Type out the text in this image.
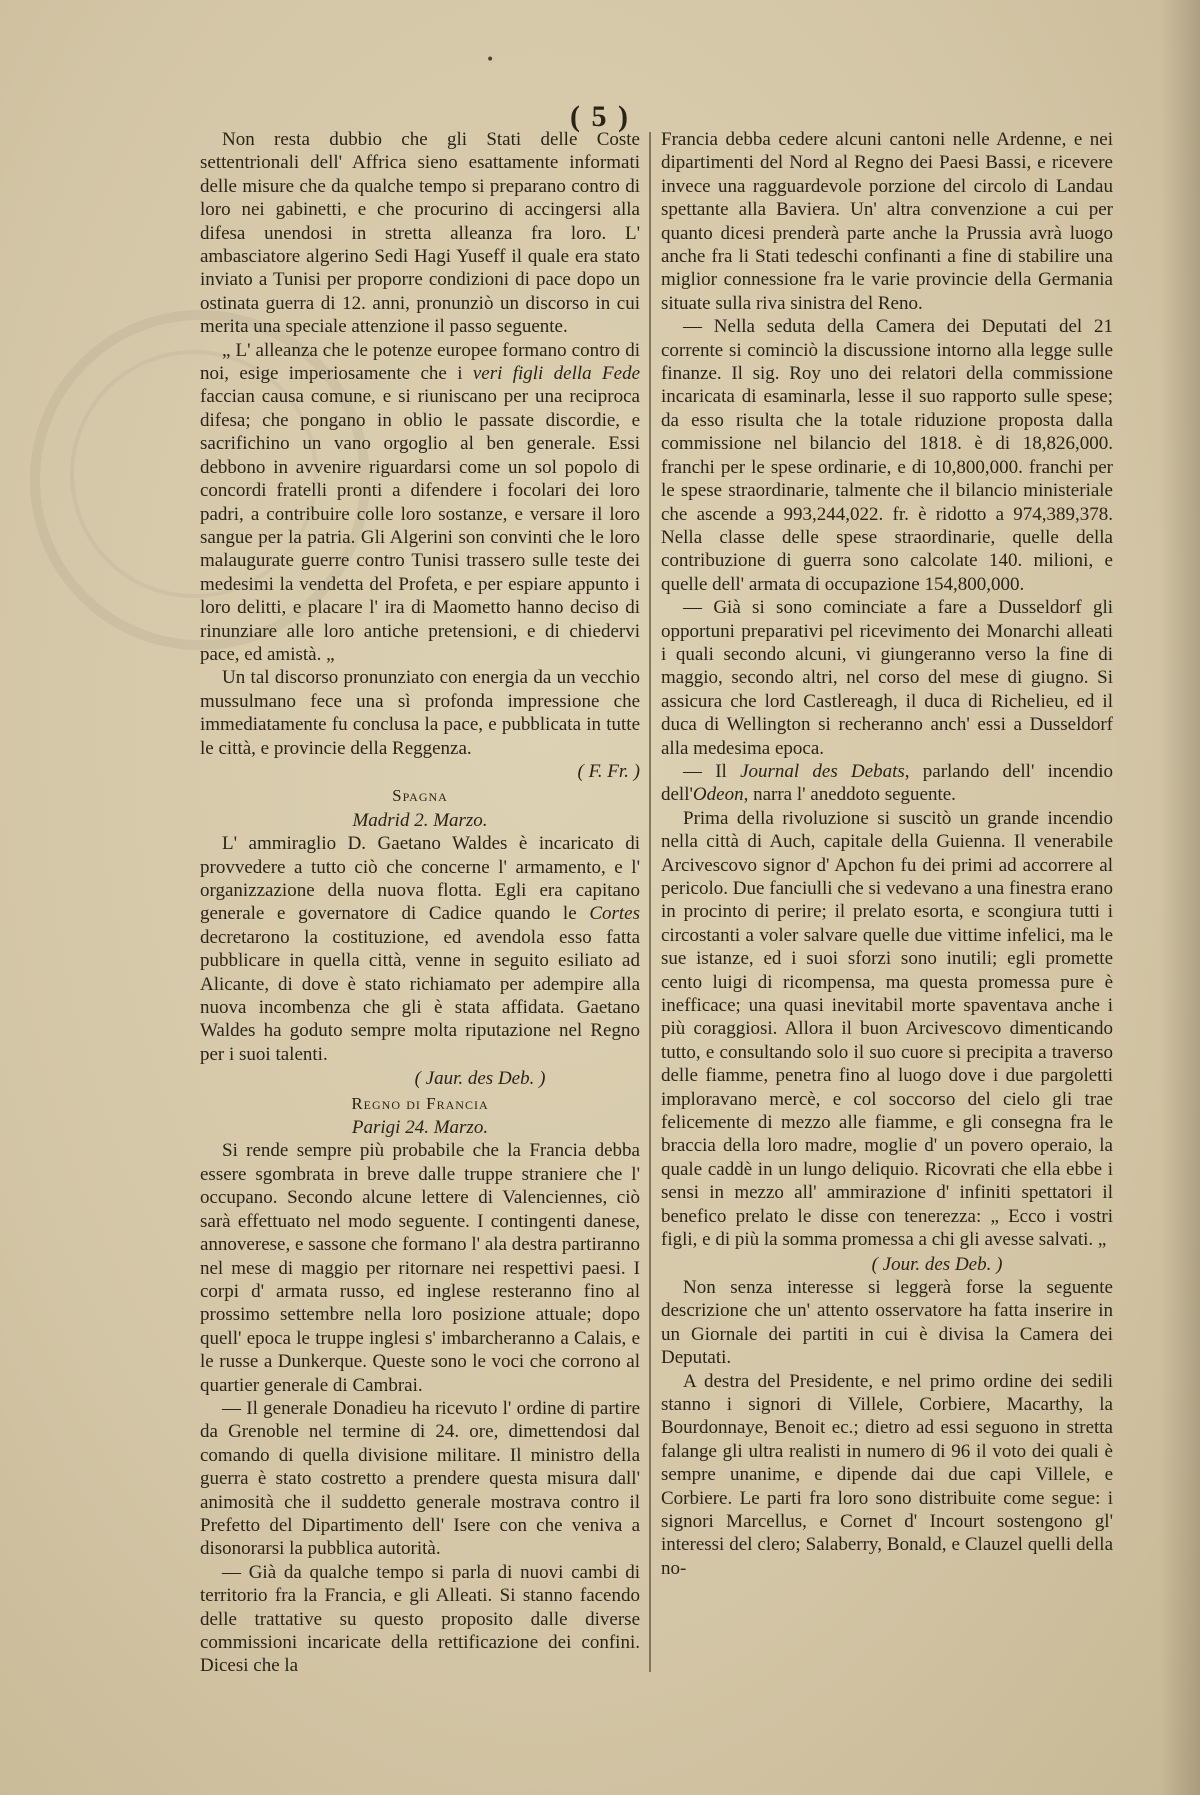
•
( 5 )

Non resta dubbio che gli Stati delle Coste settentrionali dell' Affrica sieno esattamente informati delle misure che da qualche tempo si preparano contro di loro nei gabinetti, e che procurino di accingersi alla difesa unendosi in stretta alleanza fra loro. L' ambasciatore algerino Sedi Hagi Yuseff il quale era stato inviato a Tunisi per proporre condizioni di pace dopo un ostinata guerra di 12. anni, pronunziò un discorso in cui merita una speciale attenzione il passo seguente.

„ L' alleanza che le potenze europee formano contro di noi, esige imperiosamente che i veri figli della Fede faccian causa comune, e si riuniscano per una reciproca difesa; che pongano in oblio le passate discordie, e sacrifichino un vano orgoglio al ben generale. Essi debbono in avvenire riguardarsi come un sol popolo di concordi fratelli pronti a difendere i focolari dei loro padri, a contribuire colle loro sostanze, e versare il loro sangue per la patria. Gli Algerini son convinti che le loro malaugurate guerre contro Tunisi trassero sulle teste dei medesimi la vendetta del Profeta, e per espiare appunto i loro delitti, e placare l' ira di Maometto hanno deciso di rinunziare alle loro antiche pretensioni, e di chiedervi pace, ed amistà. „

Un tal discorso pronunziato con energia da un vecchio mussulmano fece una sì profonda impressione che immediatamente fu conclusa la pace, e pubblicata in tutte le città, e provincie della Reggenza.

( F. Fr. )
Spagna
Madrid 2. Marzo.

L' ammiraglio D. Gaetano Waldes è incaricato di provvedere a tutto ciò che concerne l' armamento, e l' organizzazione della nuova flotta. Egli era capitano generale e governatore di Cadice quando le Cortes decretarono la costituzione, ed avendola esso fatta pubblicare in quella città, venne in seguito esiliato ad Alicante, di dove è stato richiamato per adempire alla nuova incombenza che gli è stata affidata. Gaetano Waldes ha goduto sempre molta riputazione nel Regno per i suoi talenti.

( Jaur. des Deb. )
Regno di Francia
Parigi 24. Marzo.

Si rende sempre più probabile che la Francia debba essere sgombrata in breve dalle truppe straniere che l' occupano. Secondo alcune lettere di Valenciennes, ciò sarà effettuato nel modo seguente. I contingenti danese, annoverese, e sassone che formano l' ala destra partiranno nel mese di maggio per ritornare nei respettivi paesi. I corpi d' armata russo, ed inglese resteranno fino al prossimo settembre nella loro posizione attuale; dopo quell' epoca le truppe inglesi s' imbarcheranno a Calais, e le russe a Dunkerque. Queste sono le voci che corrono al quartier generale di Cambrai.

— Il generale Donadieu ha ricevuto l' ordine di partire da Grenoble nel termine di 24. ore, dimettendosi dal comando di quella divisione militare. Il ministro della guerra è stato costretto a prendere questa misura dall' animosità che il suddetto generale mostrava contro il Prefetto del Dipartimento dell' Isere con che veniva a disonorarsi la pubblica autorità.

— Già da qualche tempo si parla di nuovi cambi di territorio fra la Francia, e gli Alleati. Si stanno facendo delle trattative su questo proposito dalle diverse commissioni incaricate della rettificazione dei confini. Dicesi che la

Francia debba cedere alcuni cantoni nelle Ardenne, e nei dipartimenti del Nord al Regno dei Paesi Bassi, e ricevere invece una ragguardevole porzione del circolo di Landau spettante alla Baviera. Un' altra convenzione a cui per quanto dicesi prenderà parte anche la Prussia avrà luogo anche fra li Stati tedeschi confinanti a fine di stabilire una miglior connessione fra le varie provincie della Germania situate sulla riva sinistra del Reno.

— Nella seduta della Camera dei Deputati del 21 corrente si cominciò la discussione intorno alla legge sulle finanze. Il sig. Roy uno dei relatori della commissione incaricata di esaminarla, lesse il suo rapporto sulle spese; da esso risulta che la totale riduzione proposta dalla commissione nel bilancio del 1818. è di 18,826,000. franchi per le spese ordinarie, e di 10,800,000. franchi per le spese straordinarie, talmente che il bilancio ministeriale che ascende a 993,244,022. fr. è ridotto a 974,389,378. Nella classe delle spese straordinarie, quelle della contribuzione di guerra sono calcolate 140. milioni, e quelle dell' armata di occupazione 154,800,000.

— Già si sono cominciate a fare a Dusseldorf gli opportuni preparativi pel ricevimento dei Monarchi alleati i quali secondo alcuni, vi giungeranno verso la fine di maggio, secondo altri, nel corso del mese di giugno. Si assicura che lord Castlereagh, il duca di Richelieu, ed il duca di Wellington si recheranno anch' essi a Dusseldorf alla medesima epoca.

— Il Journal des Debats, parlando dell' incendio dell'Odeon, narra l' aneddoto seguente.

Prima della rivoluzione si suscitò un grande incendio nella città di Auch, capitale della Guienna. Il venerabile Arcivescovo signor d' Apchon fu dei primi ad accorrere al pericolo. Due fanciulli che si vedevano a una finestra erano in procinto di perire; il prelato esorta, e scongiura tutti i circostanti a voler salvare quelle due vittime infelici, ma le sue istanze, ed i suoi sforzi sono inutili; egli promette cento luigi di ricompensa, ma questa promessa pure è inefficace; una quasi inevitabil morte spaventava anche i più coraggiosi. Allora il buon Arcivescovo dimenticando tutto, e consultando solo il suo cuore si precipita a traverso delle fiamme, penetra fino al luogo dove i due pargoletti imploravano mercè, e col soccorso del cielo gli trae felicemente di mezzo alle fiamme, e gli consegna fra le braccia della loro madre, moglie d' un povero operaio, la quale caddè in un lungo deliquio. Ricovrati che ella ebbe i sensi in mezzo all' ammirazione d' infiniti spettatori il benefico prelato le disse con tenerezza: „ Ecco i vostri figli, e di più la somma promessa a chi gli avesse salvati. „

( Jour. des Deb. )

Non senza interesse si leggerà forse la seguente descrizione che un' attento osservatore ha fatta inserire in un Giornale dei partiti in cui è divisa la Camera dei Deputati.

A destra del Presidente, e nel primo ordine dei sedili stanno i signori di Villele, Corbiere, Macarthy, la Bourdonnaye, Benoit ec.; dietro ad essi seguono in stretta falange gli ultra realisti in numero di 96 il voto dei quali è sempre unanime, e dipende dai due capi Villele, e Corbiere. Le parti fra loro sono distribuite come segue: i signori Marcellus, e Cornet d' Incourt sostengono gl' interessi del clero; Salaberry, Bonald, e Clauzel quelli della no-
